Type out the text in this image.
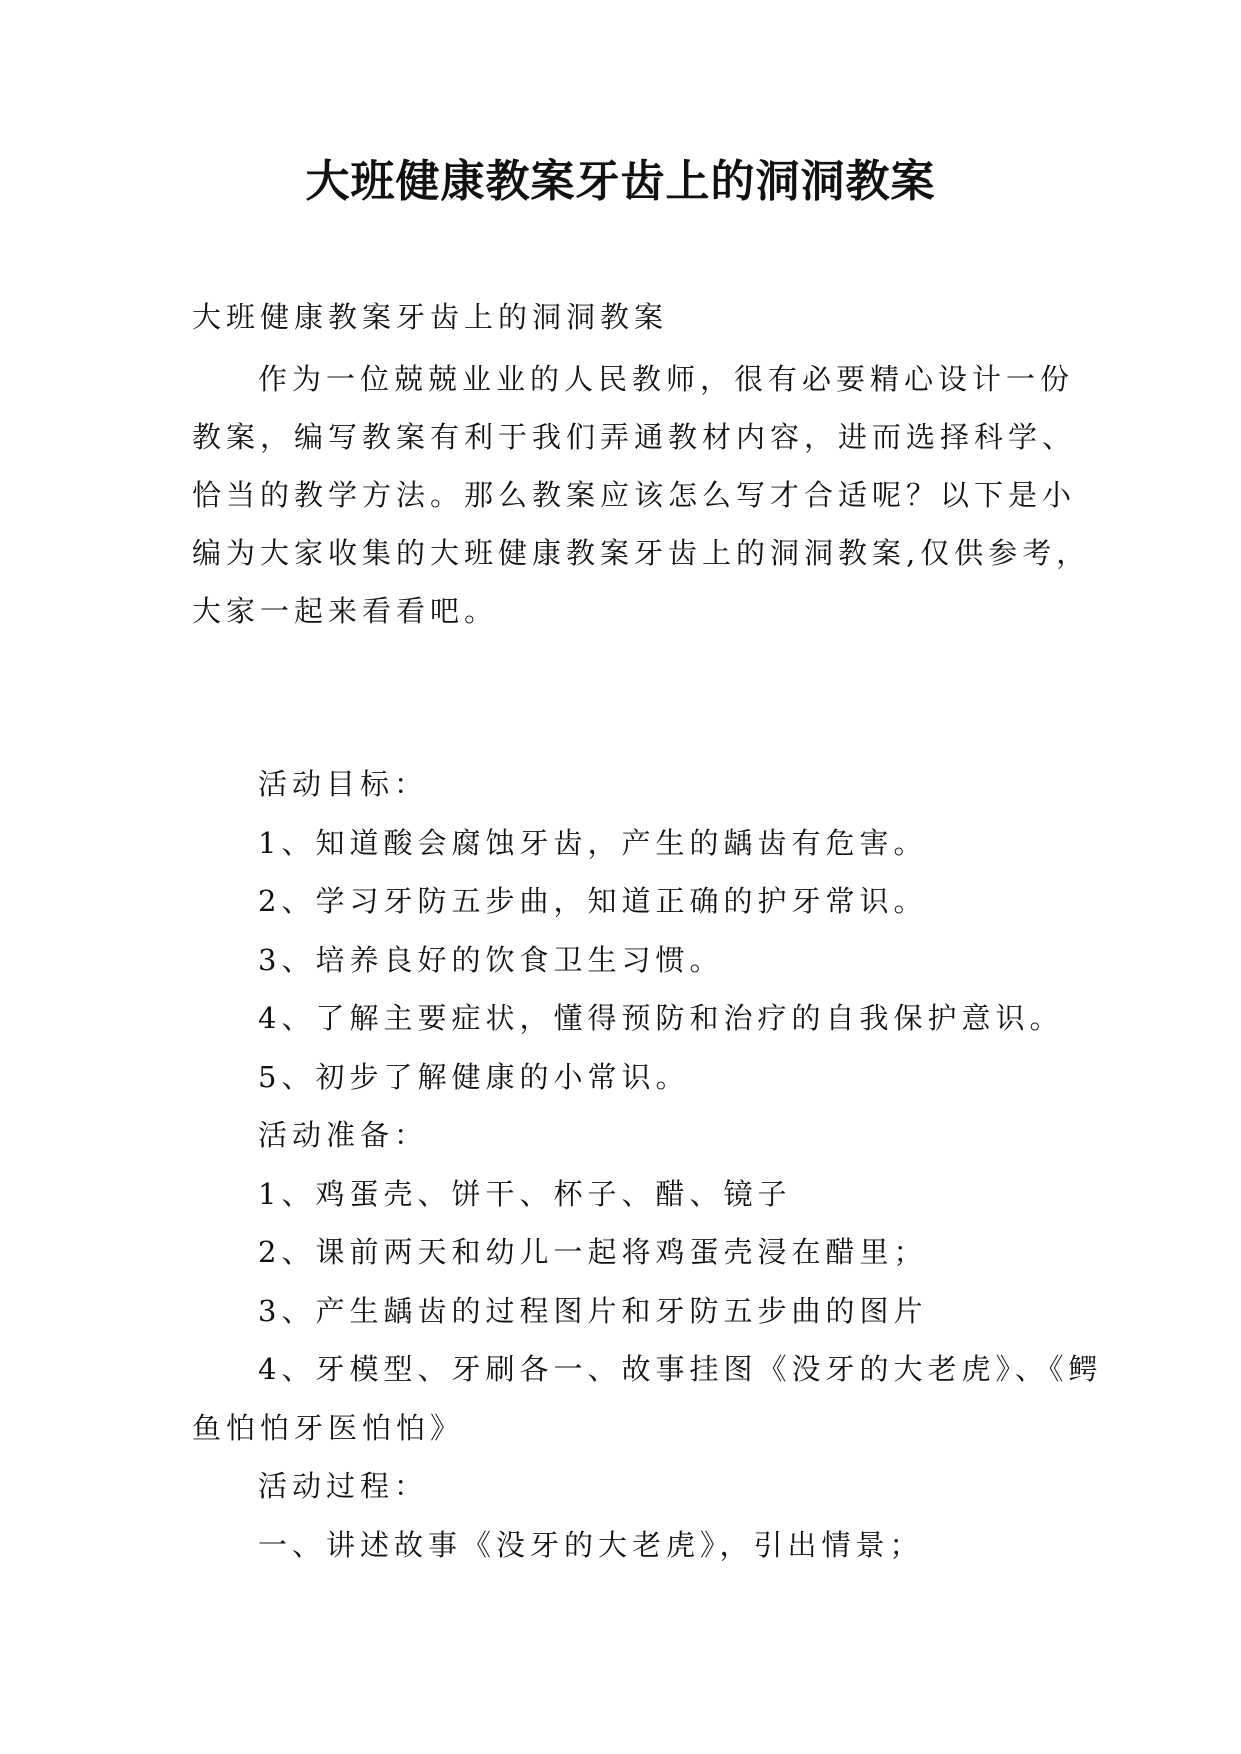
大班健康教案牙齿上的洞洞教案

大班健康教案牙齿上的洞洞教案

作为一位兢兢业业的人民教师，很有必要精心设计一份
教案，编写教案有利于我们弄通教材内容，进而选择科学、
恰当的教学方法。那么教案应该怎么写才合适呢？以下是小
编为大家收集的大班健康教案牙齿上的洞洞教案,仅供参考，
大家一起来看看吧。

活动目标：
1、知道酸会腐蚀牙齿，产生的龋齿有危害。
2、学习牙防五步曲，知道正确的护牙常识。
3、培养良好的饮食卫生习惯。
4、了解主要症状，懂得预防和治疗的自我保护意识。
5、初步了解健康的小常识。
活动准备：
1、鸡蛋壳、饼干、杯子、醋、镜子
2、课前两天和幼儿一起将鸡蛋壳浸在醋里；
3、产生龋齿的过程图片和牙防五步曲的图片
4、牙模型、牙刷各一、故事挂图《没牙的大老虎》、《鳄
鱼怕怕牙医怕怕》
活动过程：
一、讲述故事《没牙的大老虎》，引出情景；
